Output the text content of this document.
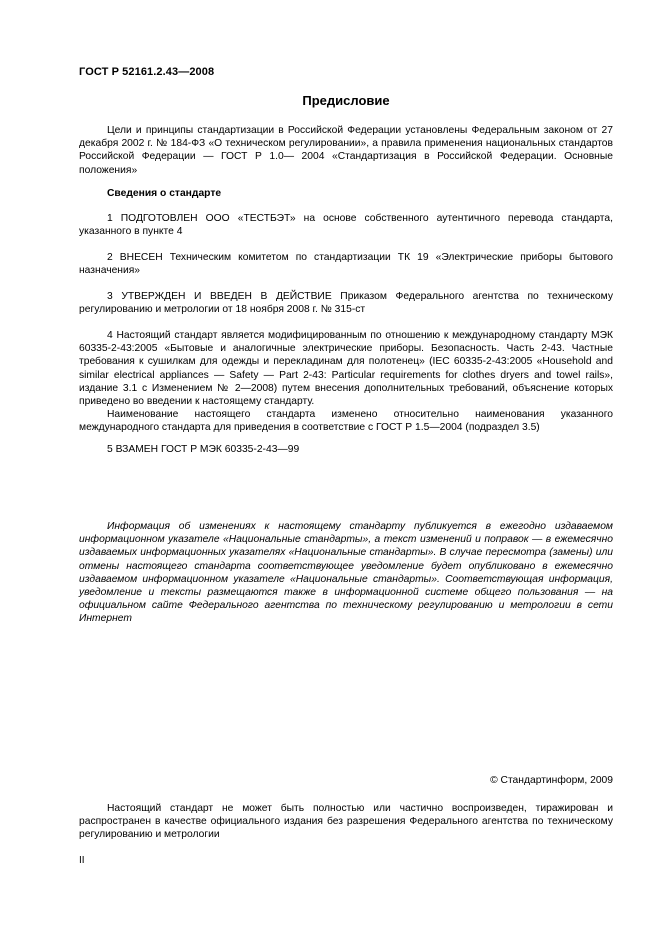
ГОСТ Р 52161.2.43—2008
Предисловие

Цели и принципы стандартизации в Российской Федерации установлены Федеральным законом от 27 декабря 2002 г. № 184-ФЗ «О техническом регулировании», а правила применения национальных стандартов Российской Федерации — ГОСТ Р 1.0— 2004 «Стандартизация в Российской Федерации. Основные положения»

Сведения о стандарте

1 ПОДГОТОВЛЕН ООО «ТЕСТБЭТ» на основе собственного аутентичного перевода стандарта, указанного в пункте 4

2 ВНЕСЕН Техническим комитетом по стандартизации ТК 19 «Электрические приборы бытового назначения»

3 УТВЕРЖДЕН И ВВЕДЕН В ДЕЙСТВИЕ Приказом Федерального агентства по техническому регулированию и метрологии от 18 ноября 2008 г. № 315-ст

4 Настоящий стандарт является модифицированным по отношению к международному стандарту МЭК 60335-2-43:2005 «Бытовые и аналогичные электрические приборы. Безопасность. Часть 2-43. Частные требования к сушилкам для одежды и перекладинам для полотенец» (IEC 60335-2-43:2005 «Household and similar electrical appliances — Safety — Part 2-43: Particular requirements for clothes dryers and towel rails», издание 3.1 с Изменением № 2—2008) путем внесения дополнительных требований, объяснение которых приведено во введении к настоящему стандарту.

Наименование настоящего стандарта изменено относительно наименования указанного международного стандарта для приведения в соответствие с ГОСТ Р 1.5—2004 (подраздел 3.5)

5 ВЗАМЕН ГОСТ Р МЭК 60335-2-43—99

Информация об изменениях к настоящему стандарту публикуется в ежегодно издаваемом информационном указателе «Национальные стандарты», а текст изменений и поправок — в ежемесячно издаваемых информационных указателях «Национальные стандарты». В случае пересмотра (замены) или отмены настоящего стандарта соответствующее уведомление будет опубликовано в ежемесячно издаваемом информационном указателе «Национальные стандарты». Соответствующая информация, уведомление и тексты размещаются также в информационной системе общего пользования — на официальном сайте Федерального агентства по техническому регулированию и метрологии в сети Интернет

© Стандартинформ, 2009

Настоящий стандарт не может быть полностью или частично воспроизведен, тиражирован и распространен в качестве официального издания без разрешения Федерального агентства по техническому регулированию и метрологии

II
